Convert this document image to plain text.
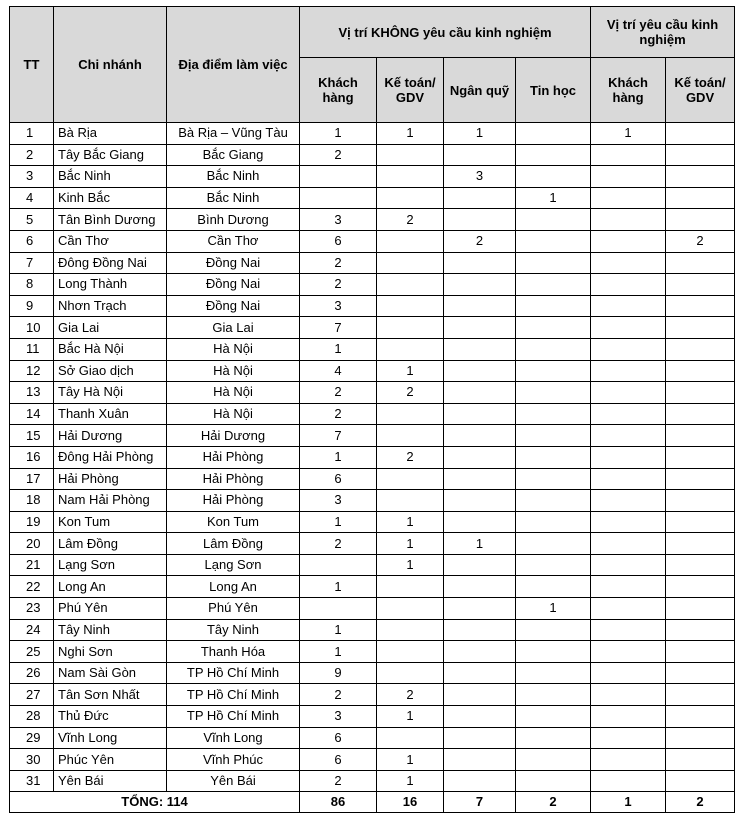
TT	Chi nhánh	Địa điểm làm việc	Vị trí KHÔNG yêu cầu kinh nghiệm				Vị trí yêu cầu kinh nghiệm	
			Khách hàng	Kế toán/ GDV	Ngân quỹ	Tin học	Khách hàng	Kế toán/ GDV
1	Bà Rịa	Bà Rịa – Vũng Tàu	1	1	1		1	
2	Tây Bắc Giang	Bắc Giang	2					
3	Bắc Ninh	Bắc Ninh			3			
4	Kinh Bắc	Bắc Ninh				1		
5	Tân Bình Dương	Bình Dương	3	2				
6	Cần Thơ	Cần Thơ	6		2			2
7	Đông Đồng Nai	Đồng Nai	2					
8	Long Thành	Đồng Nai	2					
9	Nhơn Trạch	Đồng Nai	3					
10	Gia Lai	Gia Lai	7					
11	Bắc Hà Nội	Hà Nội	1					
12	Sở Giao dịch	Hà Nội	4	1				
13	Tây Hà Nội	Hà Nội	2	2				
14	Thanh Xuân	Hà Nội	2					
15	Hải Dương	Hải Dương	7					
16	Đông Hải Phòng	Hải Phòng	1	2				
17	Hải Phòng	Hải Phòng	6					
18	Nam Hải Phòng	Hải Phòng	3					
19	Kon Tum	Kon Tum	1	1				
20	Lâm Đồng	Lâm Đồng	2	1	1			
21	Lạng Sơn	Lạng Sơn		1				
22	Long An	Long An	1					
23	Phú Yên	Phú Yên				1		
24	Tây Ninh	Tây Ninh	1					
25	Nghi Sơn	Thanh Hóa	1					
26	Nam Sài Gòn	TP Hồ Chí Minh	9					
27	Tân Sơn Nhất	TP Hồ Chí Minh	2	2				
28	Thủ Đức	TP Hồ Chí Minh	3	1				
29	Vĩnh Long	Vĩnh Long	6					
30	Phúc Yên	Vĩnh Phúc	6	1				
31	Yên Bái	Yên Bái	2	1				
TỔNG: 114			86	16	7	2	1	2
